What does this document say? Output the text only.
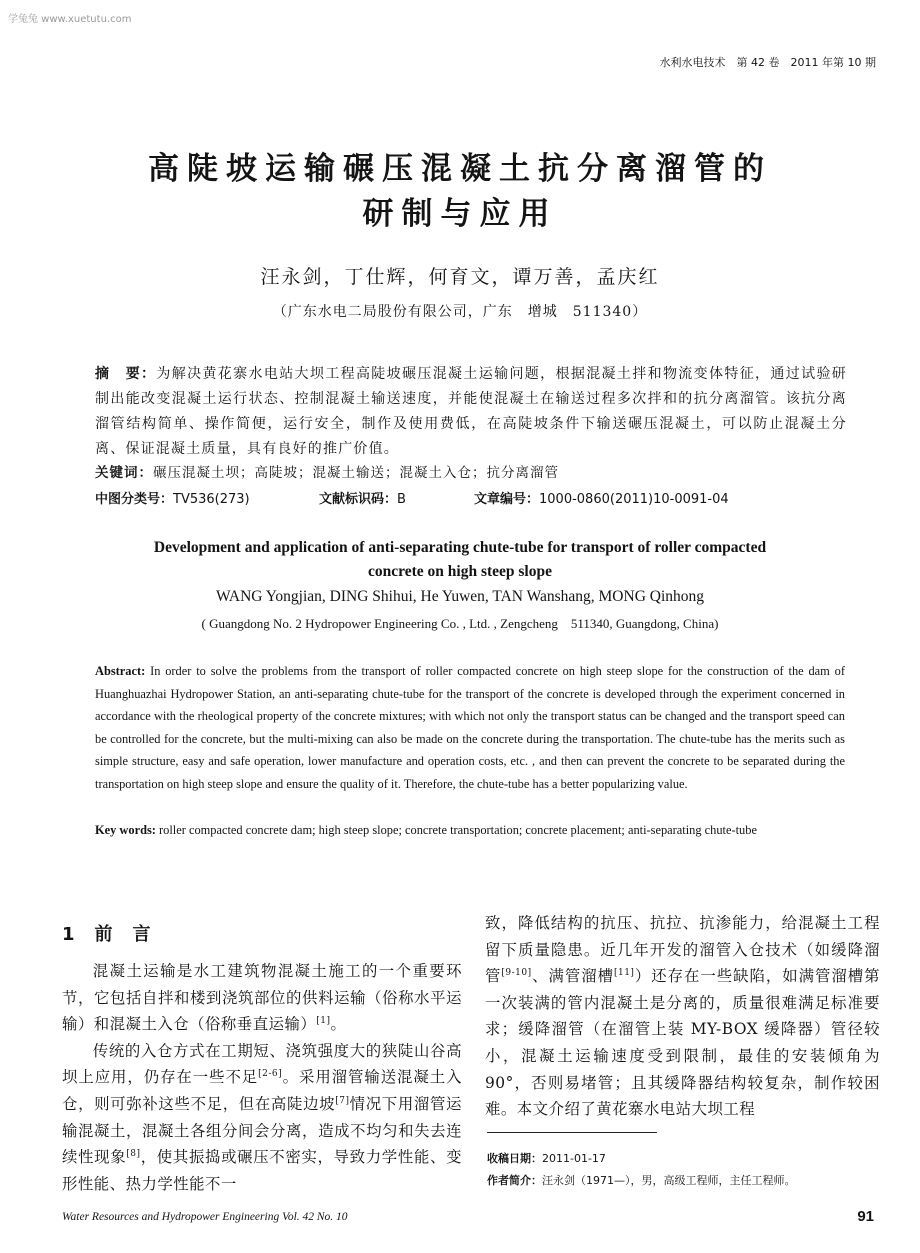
学兔兔 www.xuetutu.com
水利水电技术　第 42 卷　2011 年第 10 期
高陡坡运输碾压混凝土抗分离溜管的
研制与应用
汪永剑，丁仕辉，何育文，谭万善，孟庆红
（广东水电二局股份有限公司，广东　增城　511340）
摘　要：为解决黄花寨水电站大坝工程高陡坡碾压混凝土运输问题，根据混凝土拌和物流变体特征，通过试验研制出能改变混凝土运行状态、控制混凝土输送速度，并能使混凝土在输送过程多次拌和的抗分离溜管。该抗分离溜管结构简单、操作简便，运行安全，制作及使用费低，在高陡坡条件下输送碾压混凝土，可以防止混凝土分离、保证混凝土质量，具有良好的推广价值。
关键词：碾压混凝土坝；高陡坡；混凝土输送；混凝土入仓；抗分离溜管
中图分类号：TV536(273)	文献标识码：B	文章编号：1000-0860(2011)10-0091-04
Development and application of anti-separating chute-tube for transport of roller compacted
concrete on high steep slope
WANG Yongjian, DING Shihui, He Yuwen, TAN Wanshang, MONG Qinhong
( Guangdong No. 2 Hydropower Engineering Co. , Ltd. , Zengcheng　511340, Guangdong, China)
Abstract: In order to solve the problems from the transport of roller compacted concrete on high steep slope for the construction of the dam of Huanghuazhai Hydropower Station, an anti-separating chute-tube for the transport of the concrete is developed through the experiment concerned in accordance with the rheological property of the concrete mixtures; with which not only the transport status can be changed and the transport speed can be controlled for the concrete, but the multi-mixing can also be made on the concrete during the transportation. The chute-tube has the merits such as simple structure, easy and safe operation, lower manufacture and operation costs, etc. , and then can prevent the concrete to be separated during the transportation on high steep slope and ensure the quality of it. Therefore, the chute-tube has a better popularizing value.
Key words: roller compacted concrete dam; high steep slope; concrete transportation; concrete placement; anti-separating chute-tube
1　前　言

混凝土运输是水工建筑物混凝土施工的一个重要环节，它包括自拌和楼到浇筑部位的供料运输（俗称水平运输）和混凝土入仓（俗称垂直运输）[1]。

传统的入仓方式在工期短、浇筑强度大的狭陡山谷高坝上应用，仍存在一些不足[2-6]。采用溜管输送混凝土入仓，则可弥补这些不足，但在高陡边坡[7]情况下用溜管运输混凝土，混凝土各组分间会分离，造成不均匀和失去连续性现象[8]，使其振捣或碾压不密实，导致力学性能、变形性能、热力学性能不一

致，降低结构的抗压、抗拉、抗渗能力，给混凝土工程留下质量隐患。近几年开发的溜管入仓技术（如缓降溜管[9-10]、满管溜槽[11]）还存在一些缺陷，如满管溜槽第一次装满的管内混凝土是分离的，质量很难满足标准要求；缓降溜管（在溜管上装 MY-BOX 缓降器）管径较小，混凝土运输速度受到限制，最佳的安装倾角为 90°，否则易堵管；且其缓降器结构较复杂，制作较困难。本文介绍了黄花寨水电站大坝工程

收稿日期：2011-01-17
作者简介：汪永剑（1971—），男，高级工程师，主任工程师。
Water Resources and Hydropower Engineering Vol. 42 No. 10	91
